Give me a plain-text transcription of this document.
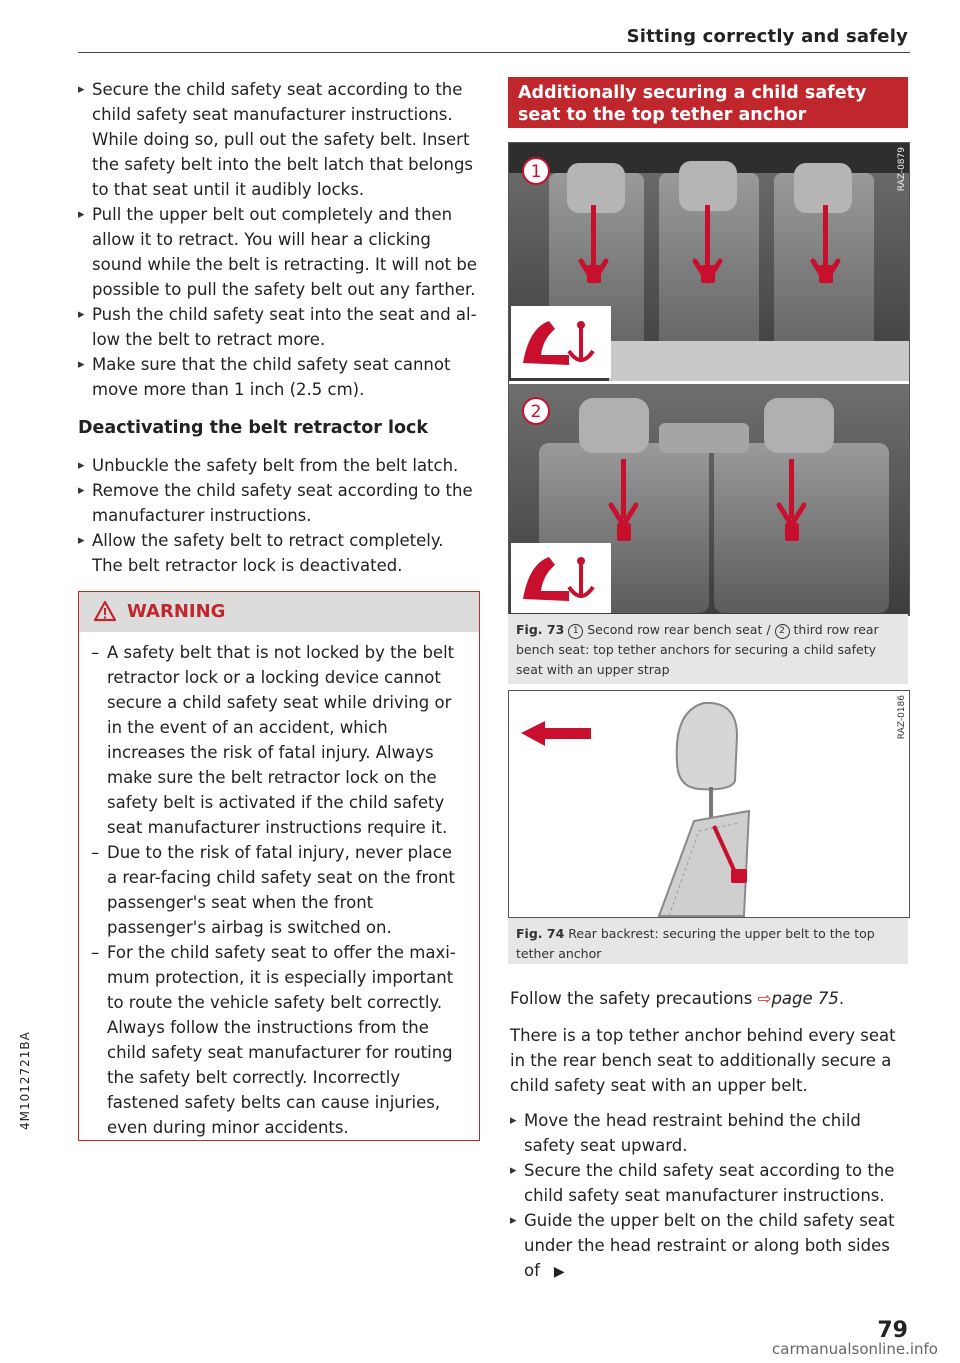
Sitting correctly and safely
4M1012721BA
▸ Secure the child safety seat according to the child safety seat manufacturer instructions. While doing so, pull out the safety belt. Insert the safety belt into the belt latch that belongs to that seat until it audibly locks.
▸ Pull the upper belt out completely and then allow it to retract. You will hear a clicking sound while the belt is retracting. It will not be possible to pull the safety belt out any farther.
▸ Push the child safety seat into the seat and allow the belt to retract more.
▸ Make sure that the child safety seat cannot move more than 1 inch (2.5 cm).
Deactivating the belt retractor lock
▸ Unbuckle the safety belt from the belt latch.
▸ Remove the child safety seat according to the manufacturer instructions.
▸ Allow the safety belt to retract completely. The belt retractor lock is deactivated.
WARNING
– A safety belt that is not locked by the belt retractor lock or a locking device cannot secure a child safety seat while driving or in the event of an accident, which increases the risk of fatal injury. Always make sure the belt retractor lock on the safety belt is activated if the child safety seat manufacturer instructions require it.
– Due to the risk of fatal injury, never place a rear-facing child safety seat on the front passenger's seat when the front passenger's airbag is switched on.
– For the child safety seat to offer the maximum protection, it is especially important to route the vehicle safety belt correctly. Always follow the instructions from the child safety seat manufacturer for routing the safety belt correctly. Incorrectly fastened safety belts can cause injuries, even during minor accidents.
Additionally securing a child safety seat to the top tether anchor
1
2
RAZ-0879
Fig. 73 1 Second row rear bench seat / 2 third row rear bench seat: top tether anchors for securing a child safety seat with an upper strap
RAZ-0186
Fig. 74 Rear backrest: securing the upper belt to the top tether anchor

Follow the safety precautions ⇨page 75.

There is a top tether anchor behind every seat in the rear bench seat to additionally secure a child safety seat with an upper belt.

▸ Move the head restraint behind the child safety seat upward.
▸ Secure the child safety seat according to the child safety seat manufacturer instructions.
▸ Guide the upper belt on the child safety seat under the head restraint or along both sides of ▶
79
carmanualsonline.info
